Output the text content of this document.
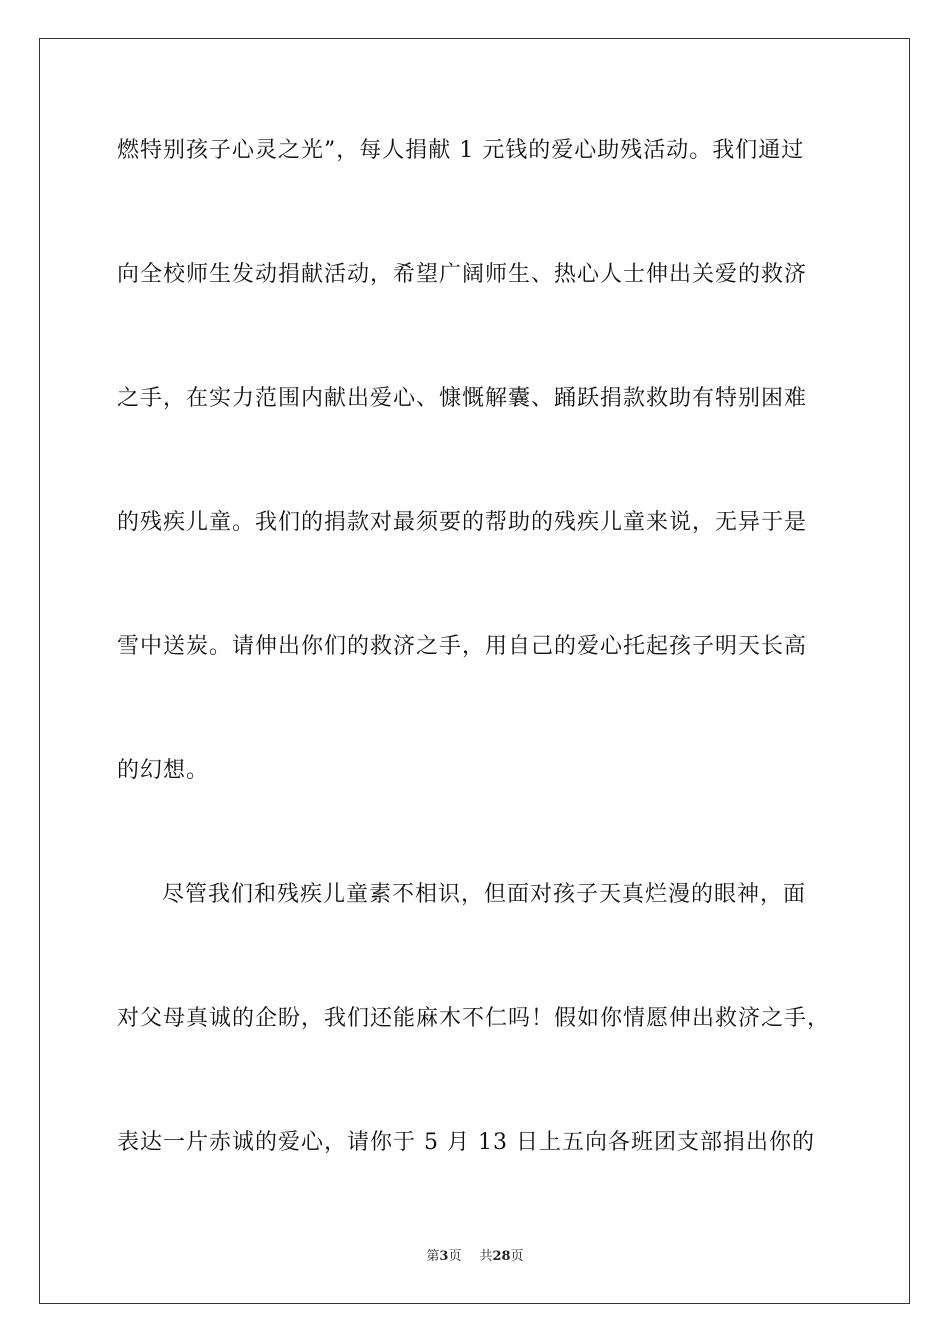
燃特别孩子心灵之光”，每人捐献 1 元钱的爱心助残活动。我们通过
向全校师生发动捐献活动，希望广阔师生、热心人士伸出关爱的救济
之手，在实力范围内献出爱心、慷慨解囊、踊跃捐款救助有特别困难
的残疾儿童。我们的捐款对最须要的帮助的残疾儿童来说，无异于是
雪中送炭。请伸出你们的救济之手，用自己的爱心托起孩子明天长高
的幻想。
尽管我们和残疾儿童素不相识，但面对孩子天真烂漫的眼神，面
对父母真诚的企盼，我们还能麻木不仁吗！假如你情愿伸出救济之手，
表达一片赤诚的爱心，请你于 5 月 13 日上五向各班团支部捐出你的
第3页 共28页
